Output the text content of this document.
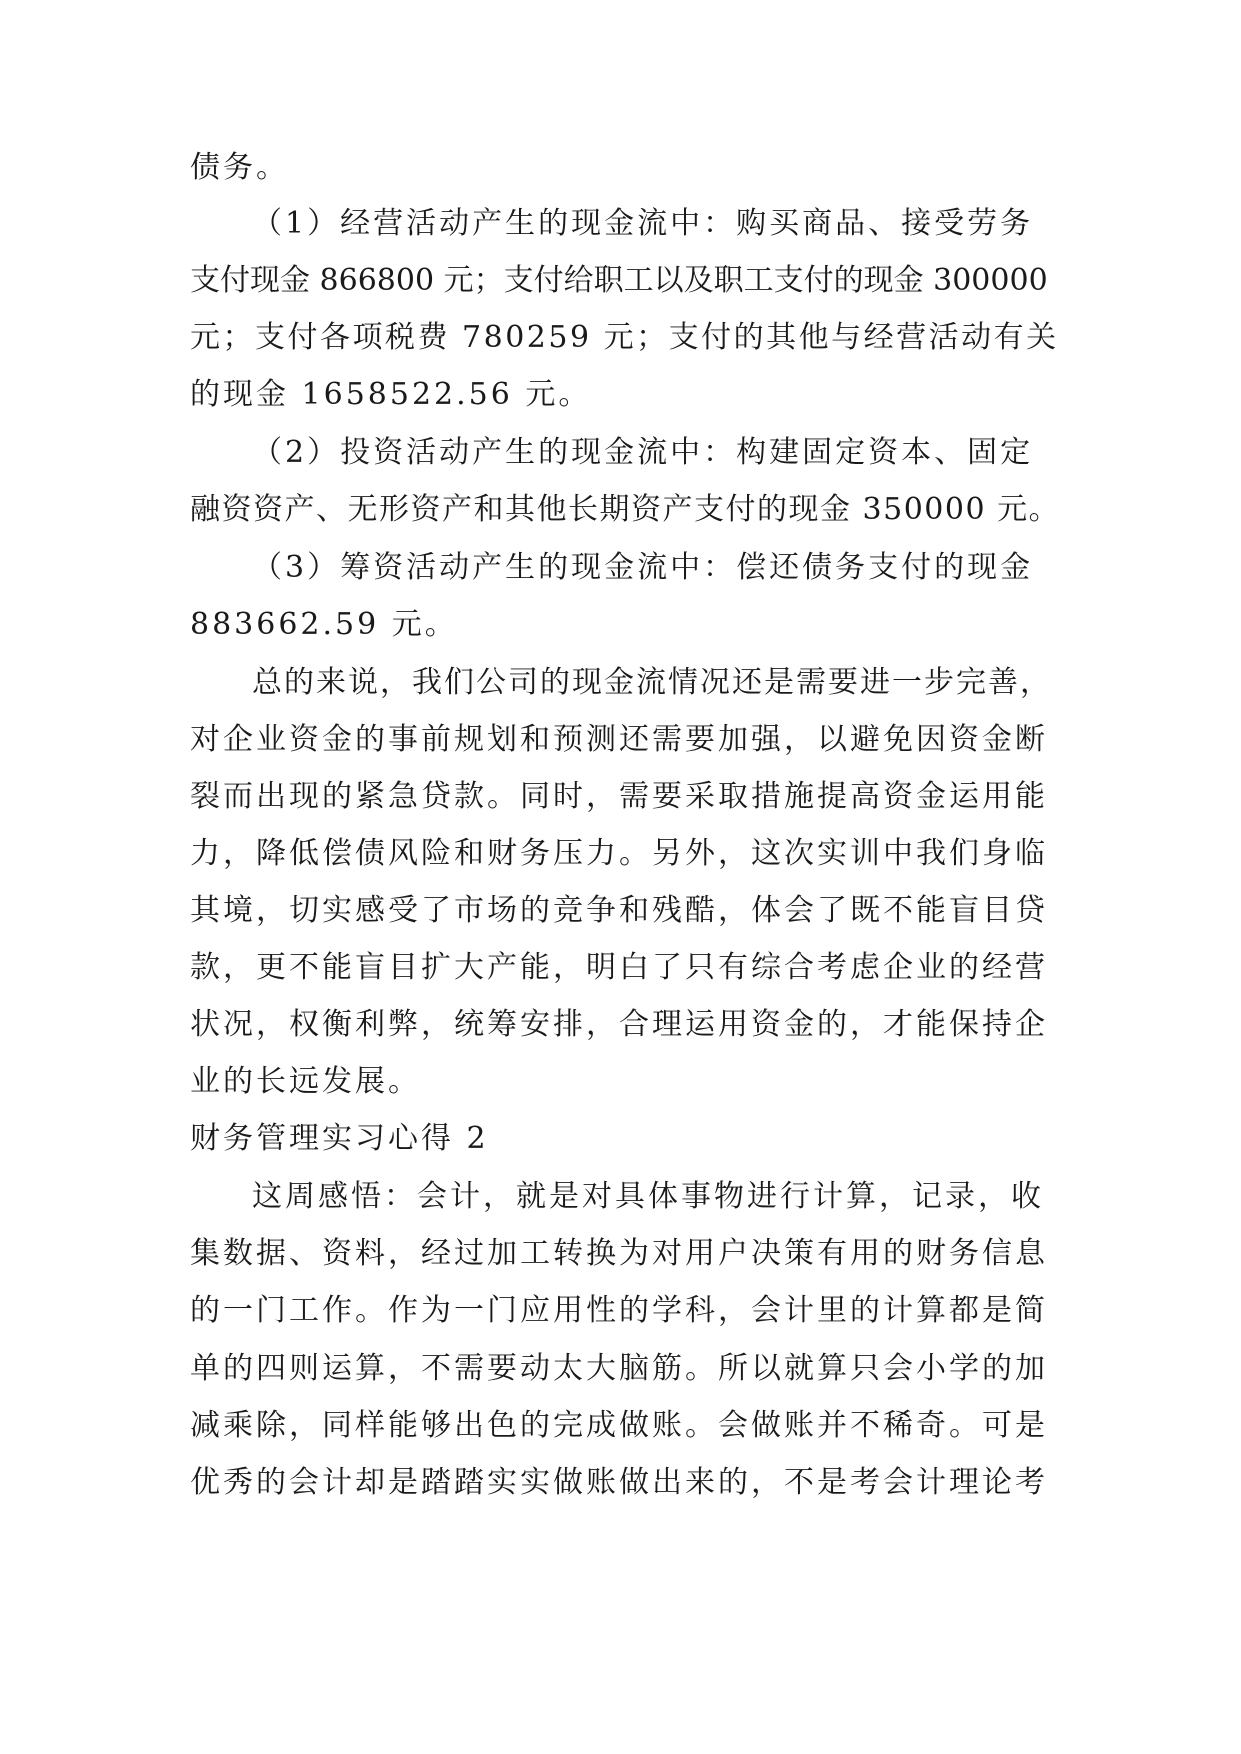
债务。
（1）经营活动产生的现金流中：购买商品、接受劳务
支付现金 866800 元；支付给职工以及职工支付的现金 300000
元；支付各项税费 780259 元；支付的其他与经营活动有关
的现金 1658522.56 元。
（2）投资活动产生的现金流中：构建固定资本、固定
融资资产、无形资产和其他长期资产支付的现金 350000 元。
（3）筹资活动产生的现金流中：偿还债务支付的现金
883662.59 元。
总的来说，我们公司的现金流情况还是需要进一步完善，
对企业资金的事前规划和预测还需要加强，以避免因资金断
裂而出现的紧急贷款。同时，需要采取措施提高资金运用能
力，降低偿债风险和财务压力。另外，这次实训中我们身临
其境，切实感受了市场的竞争和残酷，体会了既不能盲目贷
款，更不能盲目扩大产能，明白了只有综合考虑企业的经营
状况，权衡利弊，统筹安排，合理运用资金的，才能保持企
业的长远发展。
财务管理实习心得 2
这周感悟：会计，就是对具体事物进行计算，记录，收
集数据、资料，经过加工转换为对用户决策有用的财务信息
的一门工作。作为一门应用性的学科，会计里的计算都是简
单的四则运算，不需要动太大脑筋。所以就算只会小学的加
减乘除，同样能够出色的完成做账。会做账并不稀奇。可是
优秀的会计却是踏踏实实做账做出来的，不是考会计理论考
